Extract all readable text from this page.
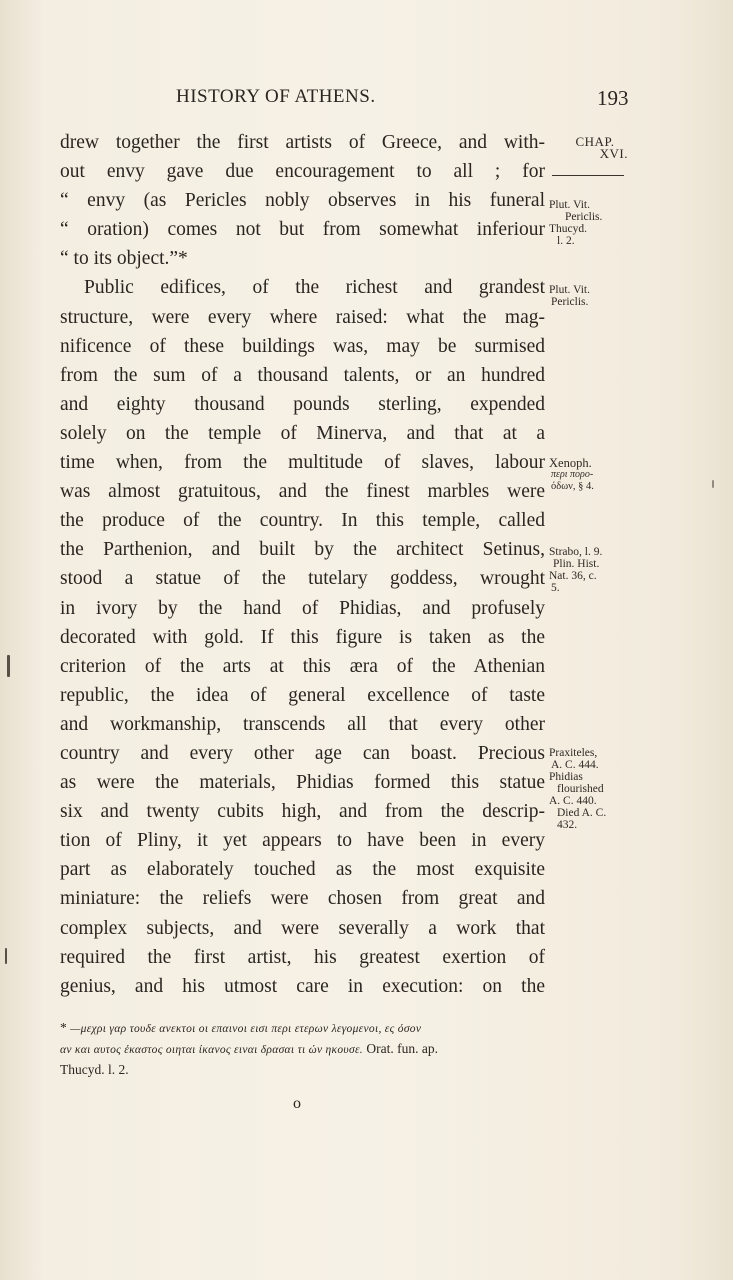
HISTORY OF ATHENS.	193
drew together the first artists of Greece, and with-
out envy gave due encouragement to all ; for
“ envy (as Pericles nobly observes in his funeral
“ oration) comes not but from somewhat inferiour
“ to its object.”*
Public edifices, of the richest and grandest
structure, were every where raised: what the mag-
nificence of these buildings was, may be surmised
from the sum of a thousand talents, or an hundred
and eighty thousand pounds sterling, expended
solely on the temple of Minerva, and that at a
time when, from the multitude of slaves, labour
was almost gratuitous, and the finest marbles were
the produce of the country. In this temple, called
the Parthenion, and built by the architect Setinus,
stood a statue of the tutelary goddess, wrought
in ivory by the hand of Phidias, and profusely
decorated with gold. If this figure is taken as the
criterion of the arts at this æra of the Athenian
republic, the idea of general excellence of taste
and workmanship, transcends all that every other
country and every other age can boast. Precious
as were the materials, Phidias formed this statue
six and twenty cubits high, and from the descrip-
tion of Pliny, it yet appears to have been in every
part as elaborately touched as the most exquisite
miniature: the reliefs were chosen from great and
complex subjects, and were severally a work that
required the first artist, his greatest exertion of
genius, and his utmost care in execution: on the
CHAP.
XVI.
Plut. Vit.
Periclis.
Thucyd.
l. 2.
Plut. Vit.
Periclis.
Xenoph.
περι πορο-
όδων, § 4.
Strabo, l. 9.
Plin. Hist.
Nat. 36, c.
5.
Praxiteles,
A. C. 444.
Phidias
flourished
A. C. 440.
Died A. C.
432.
* —μεχρι γαρ τουδε ανεκτοι οι επαινοι εισι περι ετερων λεγομενοι, ες όσον
αν και αυτος έκαστος οιηται ίκανος ειναι δρασαι τι ών ηκουσε. Orat. fun. ap.
Thucyd. l. 2.
o
